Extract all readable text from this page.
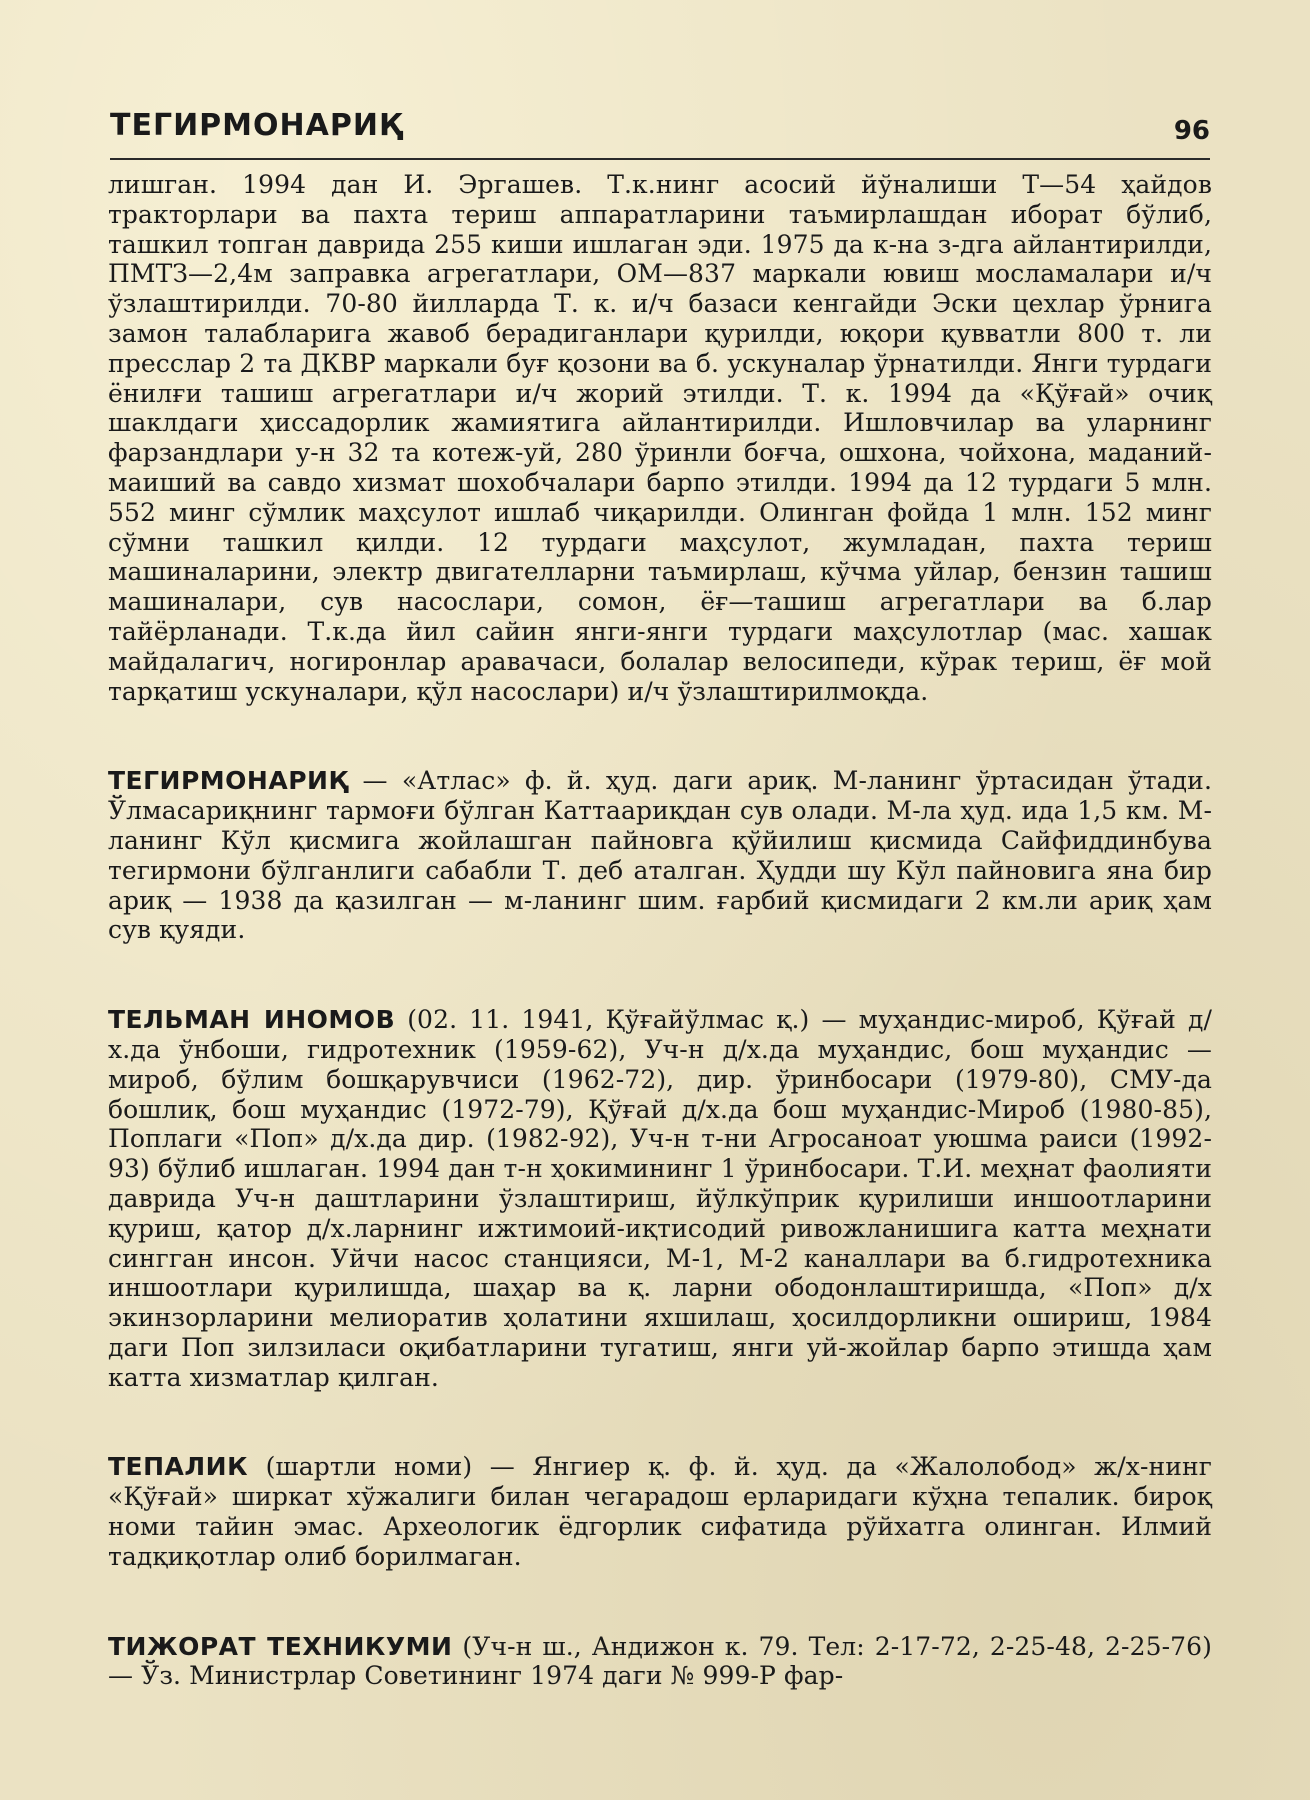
ТЕГИРМОНАРИҚ	96

лишган. 1994 дан И. Эргашев. Т.к.нинг асосий йўналиши Т—54 ҳайдов тракторлари ва пахта териш аппаратларини таъмирлашдан иборат бўлиб, ташкил топган даврида 255 киши ишлаган эди. 1975 да к-на з-дга айлантирилди, ПМТЗ—2,4м заправка агрегатлари, ОМ—837 маркали ювиш мосламалари и/ч ўзлаштирилди. 70-80 йилларда Т. к. и/ч базаси кенгайди Эски цехлар ўрнига замон талабларига жавоб берадиганлари қурилди, юқори қувватли 800 т. ли пресслар 2 та ДКВР маркали буғ қозони ва б. ускуналар ўрнатилди. Янги турдаги ёнилғи ташиш агрегатлари и/ч жорий этилди. Т. к. 1994 да «Қўғай» очиқ шаклдаги ҳиссадорлик жамиятига айлантирилди. Ишловчилар ва уларнинг фарзандлари у-н 32 та котеж-уй, 280 ўринли боғча, ошхона, чойхона, маданий-маиший ва савдо хизмат шохобчалари барпо этилди. 1994 да 12 турдаги 5 млн. 552 минг сўмлик маҳсулот ишлаб чиқарилди. Олинган фойда 1 млн. 152 минг сўмни ташкил қилди. 12 турдаги маҳсулот, жумладан, пахта териш машиналарини, электр двигателларни таъмирлаш, кўчма уйлар, бензин ташиш машиналари, сув насослари, сомон, ёғ—ташиш агрегатлари ва б.лар тайёрланади. Т.к.да йил сайин янги-янги турдаги маҳсулотлар (мас. хашак майдалагич, ногиронлар аравачаси, болалар велосипеди, кўрак териш, ёғ мой тарқатиш ускуналари, қўл насослари) и/ч ўзлаштирилмоқда.

ТЕГИРМОНАРИҚ — «Атлас» ф. й. ҳуд. даги ариқ. М-ланинг ўртасидан ўтади. Ўлмасариқнинг тармоғи бўлган Каттаариқдан сув олади. М-ла ҳуд. ида 1,5 км. М-ланинг Кўл қисмига жойлашган пайновга қўйилиш қисмида Сайфиддинбува тегирмони бўлганлиги сабабли Т. деб аталган. Ҳудди шу Кўл пайновига яна бир ариқ — 1938 да қазилган — м-ланинг шим. ғарбий қисмидаги 2 км.ли ариқ ҳам сув қуяди.

ТЕЛЬМАН ИНОМОВ (02. 11. 1941, Қўғайўлмас қ.) — муҳандис-мироб, Қўғай д/х.да ўнбоши, гидротехник (1959-62), Уч-н д/х.да муҳандис, бош муҳандис — мироб, бўлим бошқарувчиси (1962-72), дир. ўринбосари (1979-80), СМУ-да бошлиқ, бош муҳандис (1972-79), Қўғай д/х.да бош муҳандис-Мироб (1980-85), Поплаги «Поп» д/х.да дир. (1982-92), Уч-н т-ни Агросаноат уюшма раиси (1992-93) бўлиб ишлаган. 1994 дан т-н ҳокимининг 1 ўринбосари. Т.И. меҳнат фаолияти даврида Уч-н даштларини ўзлаштириш, йўлкўприк қурилиши иншоотларини қуриш, қатор д/х.ларнинг ижтимоий-иқтисодий ривожланишига катта меҳнати сингган инсон. Уйчи насос станцияси, М-1, М-2 каналлари ва б.гидротехника иншоотлари қурилишда, шаҳар ва қ. ларни ободонлаштиришда, «Поп» д/х экинзорларини мелиоратив ҳолатини яхшилаш, ҳосилдорликни ошириш, 1984 даги Поп зилзиласи оқибатларини тугатиш, янги уй-жойлар барпо этишда ҳам катта хизматлар қилган.

ТЕПАЛИК (шартли номи) — Янгиер қ. ф. й. ҳуд. да «Жалолобод» ж/х-нинг «Қўғай» ширкат хўжалиги билан чегарадош ерларидаги кўҳна тепалик. бироқ номи тайин эмас. Археологик ёдгорлик сифатида рўйхатга олинган. Илмий тадқиқотлар олиб борилмаган.

ТИЖОРАТ ТЕХНИКУМИ (Уч-н ш., Андижон к. 79. Тел: 2-17-72, 2-25-48, 2-25-76) — Ўз. Министрлар Советининг 1974 даги № 999-Р фар-
